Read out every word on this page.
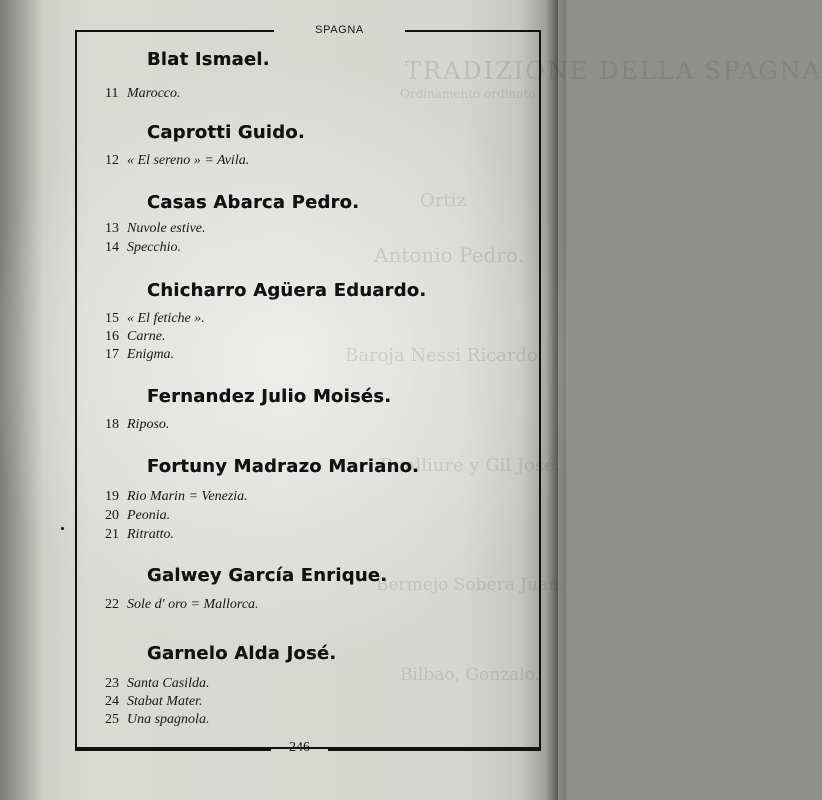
TRADIZIONE DELLA SPAGNA
Ordinamento ordinato
Ortiz
Antonio Pedro.
Baroja Nessi Ricardo.
Benlliure y Gil José.
Bermejo Sobera Juan.
Bilbao, Gonzalo.
SPAGNA
Blat Ismael.
11 Marocco.
Caprotti Guido.
12 « El sereno » = Avila.
Casas Abarca Pedro.
13 Nuvole estive.
14 Specchio.
Chicharro Agüera Eduardo.
15 « El fetiche ».
16 Carne.
17 Enigma.
Fernandez Julio Moisés.
18 Riposo.
Fortuny Madrazo Mariano.
19 Rio Marin = Venezia.
20 Peonia.
21 Ritratto.
Galwey García Enrique.
22 Sole d' oro = Mallorca.
Garnelo Alda José.
23 Santa Casilda.
24 Stabat Mater.
25 Una spagnola.
246
